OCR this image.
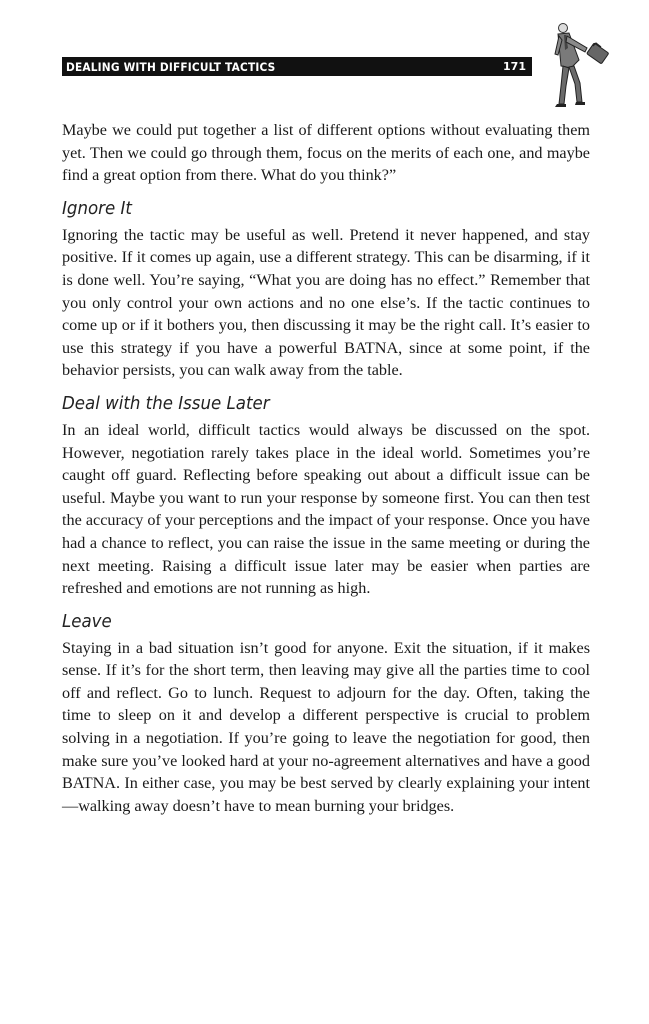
DEALING WITH DIFFICULT TACTICS	171

Maybe we could put together a list of different options without evaluating them yet. Then we could go through them, focus on the merits of each one, and maybe find a great option from there. What do you think?”

Ignore It

Ignoring the tactic may be useful as well. Pretend it never happened, and stay positive. If it comes up again, use a different strategy. This can be disarming, if it is done well. You’re saying, “What you are doing has no effect.” Remember that you only control your own actions and no one else’s. If the tactic continues to come up or if it bothers you, then discussing it may be the right call. It’s easier to use this strategy if you have a powerful BATNA, since at some point, if the behavior persists, you can walk away from the table.

Deal with the Issue Later

In an ideal world, difficult tactics would always be discussed on the spot. However, negotiation rarely takes place in the ideal world. Sometimes you’re caught off guard. Reflecting before speaking out about a difficult issue can be useful. Maybe you want to run your response by someone first. You can then test the accuracy of your perceptions and the impact of your response. Once you have had a chance to reflect, you can raise the issue in the same meeting or during the next meeting. Raising a difficult issue later may be easier when parties are refreshed and emotions are not running as high.

Leave

Staying in a bad situation isn’t good for anyone. Exit the situation, if it makes sense. If it’s for the short term, then leaving may give all the parties time to cool off and reflect. Go to lunch. Request to adjourn for the day. Often, taking the time to sleep on it and develop a different perspective is crucial to problem solving in a negotiation. If you’re going to leave the negotiation for good, then make sure you’ve looked hard at your no-agreement alternatives and have a good BATNA. In either case, you may be best served by clearly explaining your intent—walking away doesn’t have to mean burning your bridges.
